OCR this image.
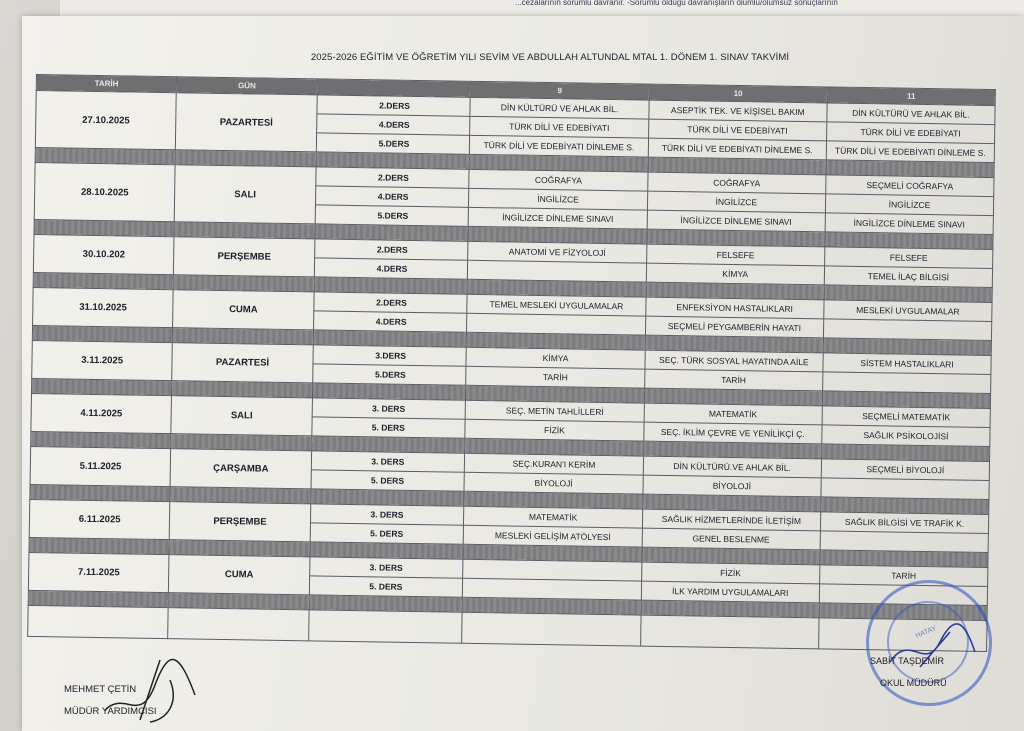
...cezalarının sorumlu davranır. -Sorumlu olduğu davranışların olumlu/olumsuz sonuçlarının
2025-2026 EĞİTİM VE ÖĞRETİM YILI SEVİM VE ABDULLAH ALTUNDAL MTAL 1. DÖNEM 1. SINAV TAKVİMİ
TARİH	GÜN		9	10	11
27.10.2025	PAZARTESİ	2.DERS	DİN KÜLTÜRÜ VE AHLAK BİL.	ASEPTİK TEK. VE KİŞİSEL BAKIM	DİN KÜLTÜRÜ VE AHLAK BİL.
		4.DERS	TÜRK DİLİ VE EDEBİYATI	TÜRK DİLİ VE EDEBİYATI	TÜRK DİLİ VE EDEBİYATI
		5.DERS	TÜRK DİLİ VE EDEBİYATI DİNLEME S.	TÜRK DİLİ VE EDEBİYATI DİNLEME S.	TÜRK DİLİ VE EDEBİYATI DİNLEME S.

28.10.2025	SALI	2.DERS	COĞRAFYA	COĞRAFYA	SEÇMELİ COĞRAFYA
		4.DERS	İNGİLİZCE	İNGİLİZCE	İNGİLİZCE
		5.DERS	İNGİLİZCE DİNLEME SINAVI	İNGİLİZCE DİNLEME SINAVI	İNGİLİZCE DİNLEME SINAVI

30.10.202	PERŞEMBE	2.DERS	ANATOMİ VE FİZYOLOJİ	FELSEFE	FELSEFE
		4.DERS		KİMYA	TEMEL İLAÇ BİLGİSİ

31.10.2025	CUMA	2.DERS	TEMEL MESLEKİ UYGULAMALAR	ENFEKSİYON HASTALIKLARI	MESLEKİ UYGULAMALAR
		4.DERS		SEÇMELİ PEYGAMBERİN HAYATI	

3.11.2025	PAZARTESİ	3.DERS	KİMYA	SEÇ. TÜRK SOSYAL HAYATINDA AİLE	SİSTEM HASTALIKLARI
		5.DERS	TARİH	TARİH	

4.11.2025	SALI	3. DERS	SEÇ. METİN TAHLİLLERİ	MATEMATİK	SEÇMELİ MATEMATİK
		5. DERS	FİZİK	SEÇ. İKLİM ÇEVRE VE YENİLİKÇİ Ç.	SAĞLIK PSİKOLOJİSİ

5.11.2025	ÇARŞAMBA	3. DERS	SEÇ.KURAN'I KERİM	DİN KÜLTÜRÜ.VE AHLAK BİL.	SEÇMELİ BİYOLOJİ
		5. DERS	BİYOLOJİ	BİYOLOJİ	

6.11.2025	PERŞEMBE	3. DERS	MATEMATİK	SAĞLIK HİZMETLERİNDE İLETİŞİM	SAĞLIK BİLGİSİ VE TRAFİK K.
		5. DERS	MESLEKİ GELİŞİM ATÖLYESİ	GENEL BESLENME	

7.11.2025	CUMA	3. DERS		FİZİK	TARİH
		5. DERS		İLK YARDIM UYGULAMALARI	

HATAY
SABİT TAŞDEMİR
OKUL MÜDÜRÜ
MEHMET ÇETİN
MÜDÜR YARDIMCISI
